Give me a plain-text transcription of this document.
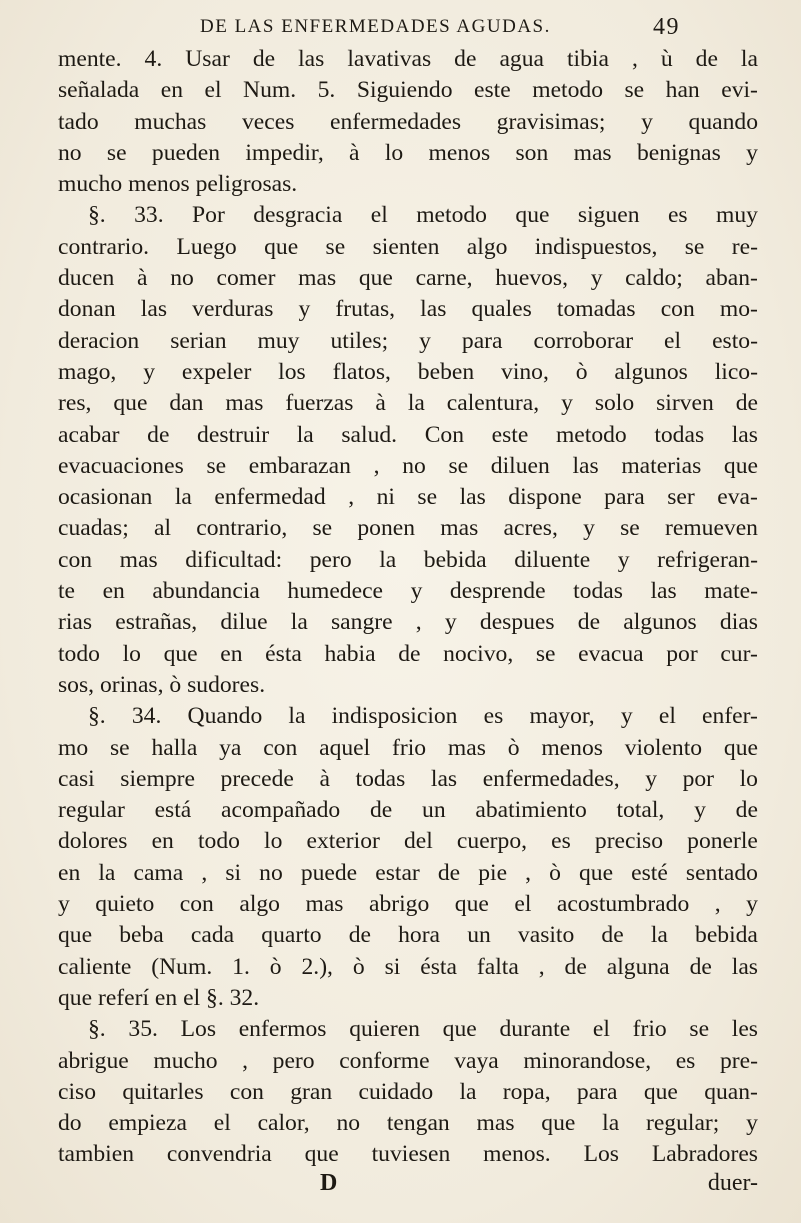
DE LAS ENFERMEDADES AGUDAS.	49
mente. 4. Usar de las lavativas de agua tibia , ù de la
señalada en el Num. 5. Siguiendo este metodo se han evi-
tado muchas veces enfermedades gravisimas; y quando
no se pueden impedir, à lo menos son mas benignas y
mucho menos peligrosas.
§. 33. Por desgracia el metodo que siguen es muy
contrario. Luego que se sienten algo indispuestos, se re-
ducen à no comer mas que carne, huevos, y caldo; aban-
donan las verduras y frutas, las quales tomadas con mo-
deracion serian muy utiles; y para corroborar el esto-
mago, y expeler los flatos, beben vino, ò algunos lico-
res, que dan mas fuerzas à la calentura, y solo sirven de
acabar de destruir la salud. Con este metodo todas las
evacuaciones se embarazan , no se diluen las materias que
ocasionan la enfermedad , ni se las dispone para ser eva-
cuadas; al contrario, se ponen mas acres, y se remueven
con mas dificultad: pero la bebida diluente y refrigeran-
te en abundancia humedece y desprende todas las mate-
rias estrañas, dilue la sangre , y despues de algunos dias
todo lo que en ésta habia de nocivo, se evacua por cur-
sos, orinas, ò sudores.
§. 34. Quando la indisposicion es mayor, y el enfer-
mo se halla ya con aquel frio mas ò menos violento que
casi siempre precede à todas las enfermedades, y por lo
regular está acompañado de un abatimiento total, y de
dolores en todo lo exterior del cuerpo, es preciso ponerle
en la cama , si no puede estar de pie , ò que esté sentado
y quieto con algo mas abrigo que el acostumbrado , y
que beba cada quarto de hora un vasito de la bebida
caliente (Num. 1. ò 2.), ò si ésta falta , de alguna de las
que referí en el §. 32.
§. 35. Los enfermos quieren que durante el frio se les
abrigue mucho , pero conforme vaya minorandose, es pre-
ciso quitarles con gran cuidado la ropa, para que quan-
do empieza el calor, no tengan mas que la regular; y
tambien convendria que tuviesen menos. Los Labradores
D	duer-
